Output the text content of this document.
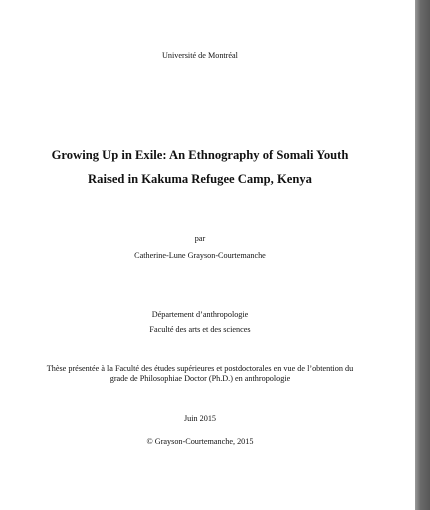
Université de Montréal
Growing Up in Exile: An Ethnography of Somali Youth
Raised in Kakuma Refugee Camp, Kenya
par
Catherine-Lune Grayson-Courtemanche
Département d’anthropologie
Faculté des arts et des sciences
Thèse présentée à la Faculté des études supérieures et postdoctorales en vue de l’obtention du
grade de Philosophiae Doctor (Ph.D.) en anthropologie
Juin 2015
© Grayson-Courtemanche, 2015
